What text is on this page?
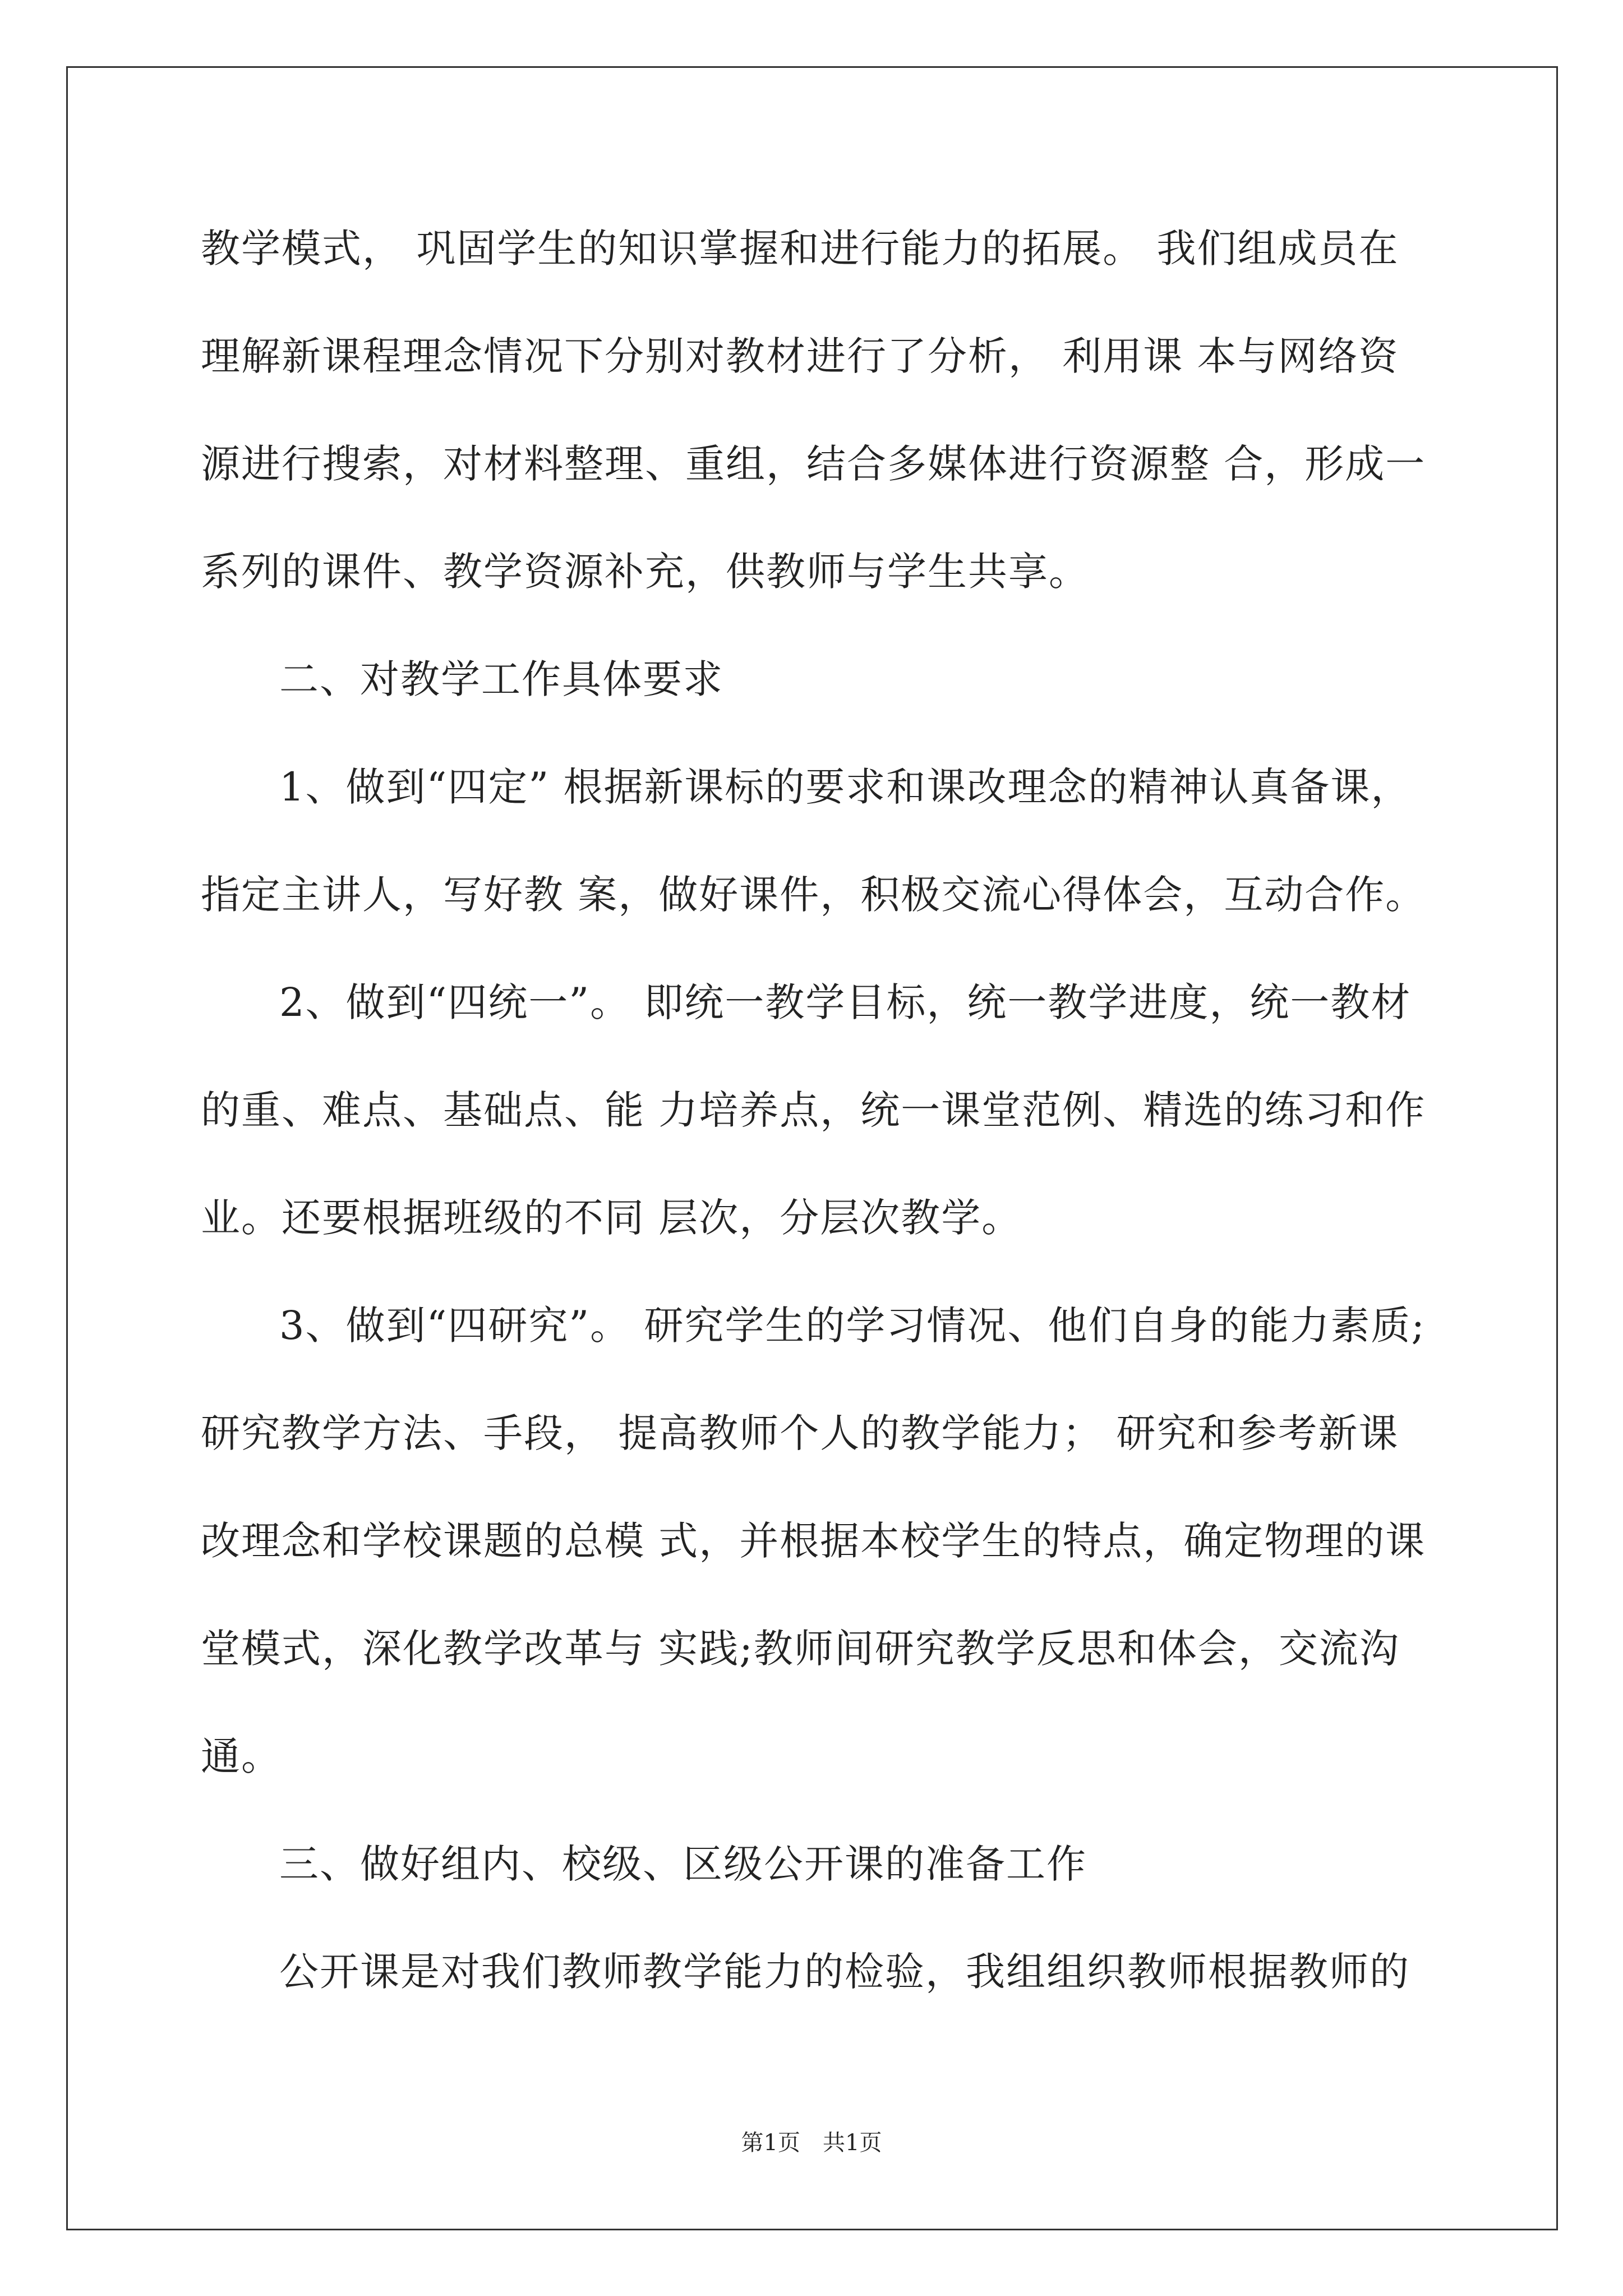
教学模式， 巩固学生的知识掌握和进行能力的拓展。 我们组成员在
理解新课程理念情况下分别对教材进行了分析， 利用课 本与网络资
源进行搜索，对材料整理、重组，结合多媒体进行资源整 合，形成一
系列的课件、教学资源补充，供教师与学生共享。
二、对教学工作具体要求
1、做到“四定” 根据新课标的要求和课改理念的精神认真备课，
指定主讲人，写好教 案，做好课件，积极交流心得体会，互动合作。
2、做到“四统一”。 即统一教学目标，统一教学进度，统一教材
的重、难点、基础点、能 力培养点，统一课堂范例、精选的练习和作
业。还要根据班级的不同 层次，分层次教学。
3、做到“四研究”。 研究学生的学习情况、他们自身的能力素质;
研究教学方法、手段， 提高教师个人的教学能力； 研究和参考新课
改理念和学校课题的总模 式，并根据本校学生的特点，确定物理的课
堂模式，深化教学改革与 实践;教师间研究教学反思和体会，交流沟
通。
三、做好组内、校级、区级公开课的准备工作
公开课是对我们教师教学能力的检验，我组组织教师根据教师的
第1页　共1页
